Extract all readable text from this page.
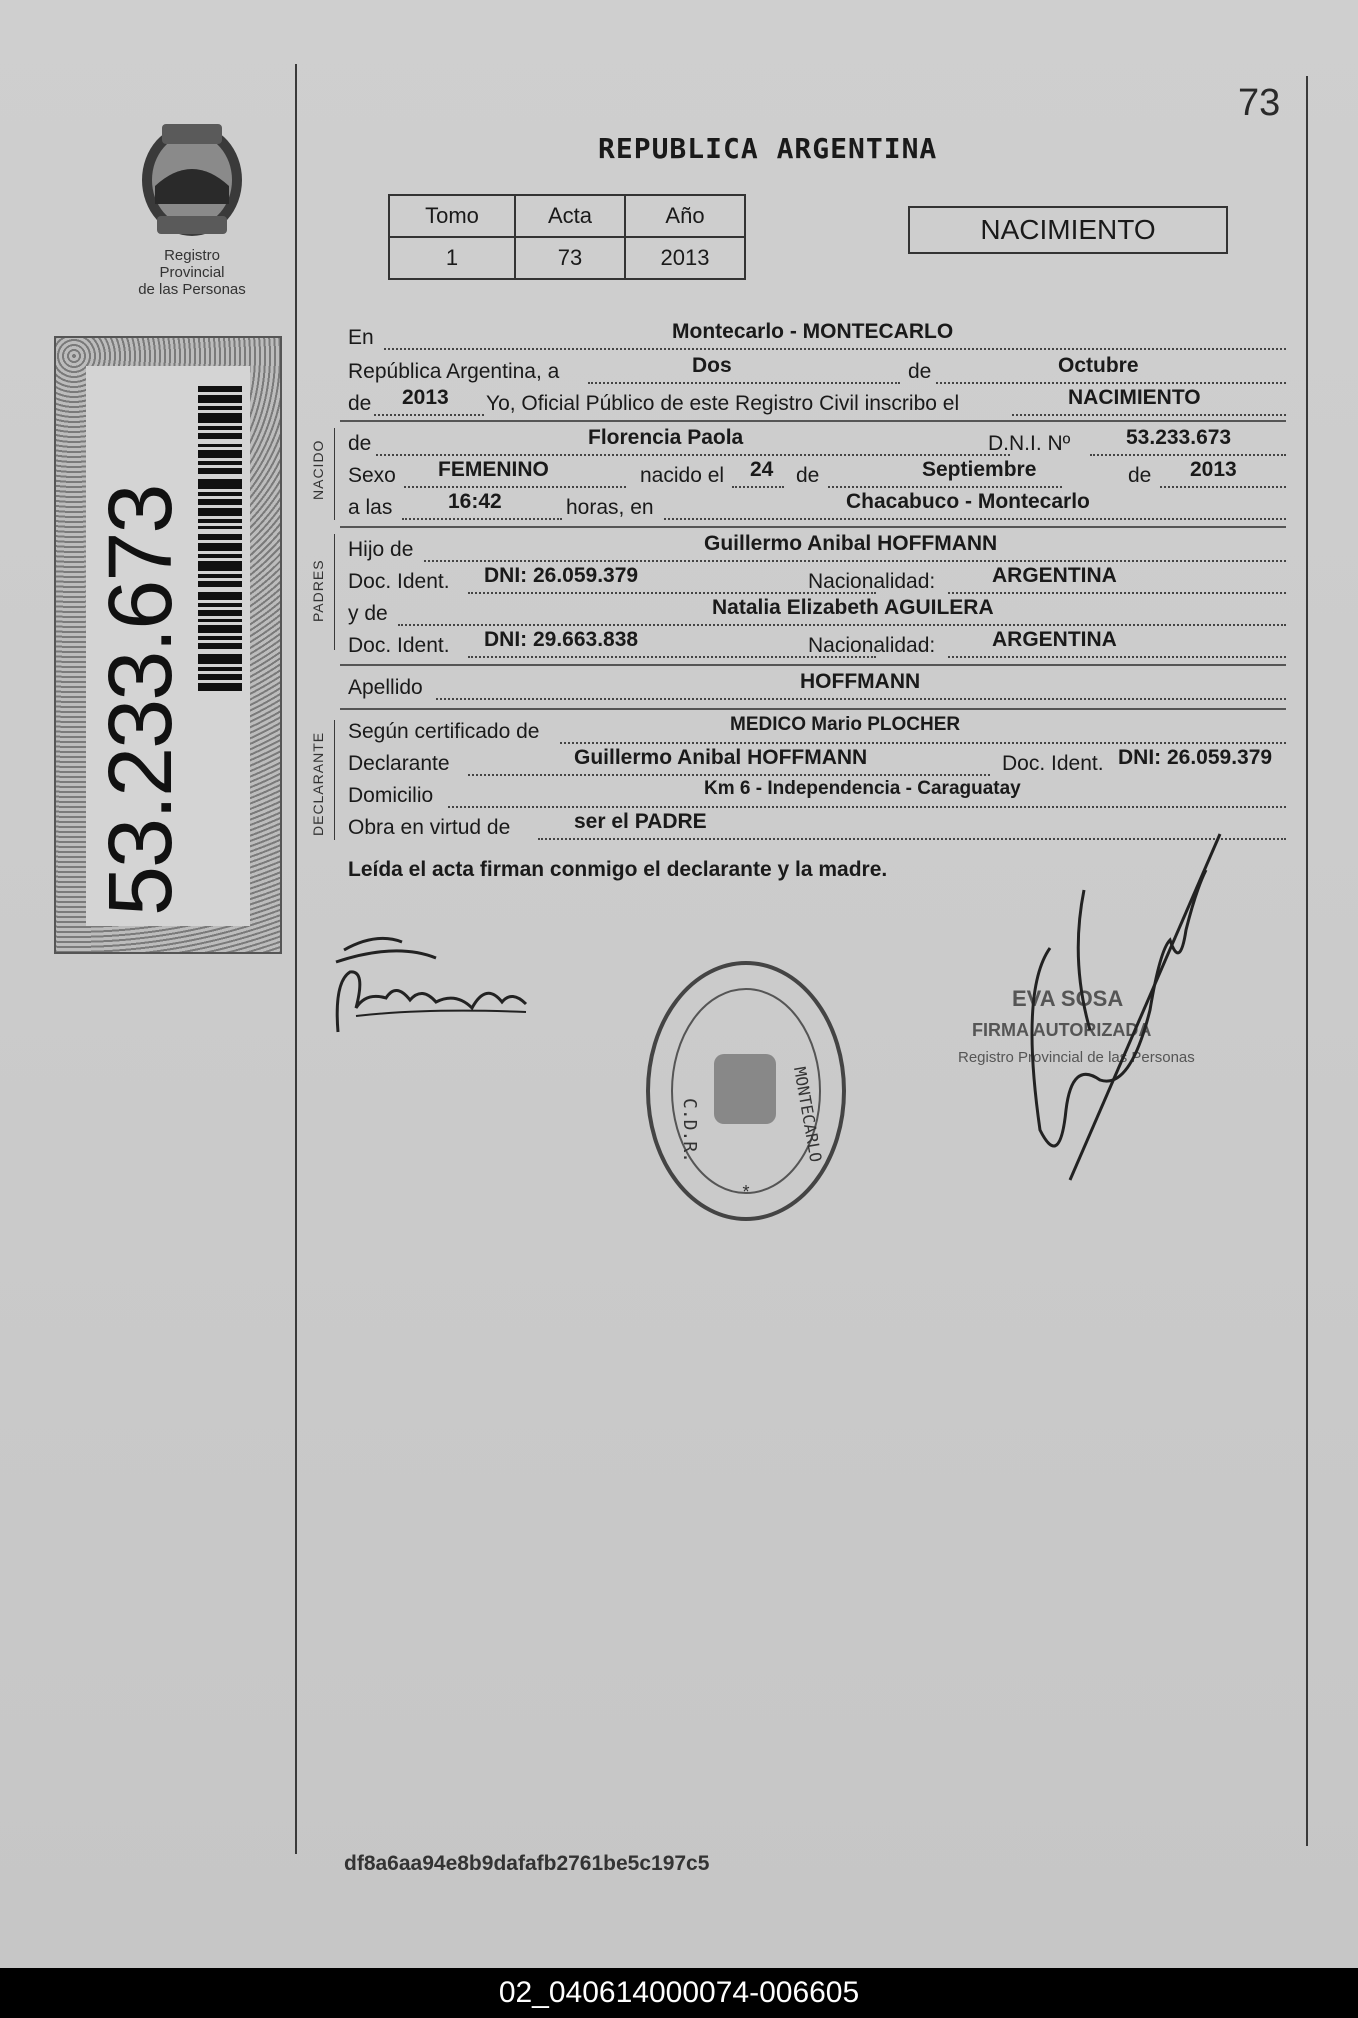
73
REPUBLICA ARGENTINA
Registro Provincial
de las Personas
Tomo	Acta	Año
1	73	2013
NACIMIENTO
53.233.673
NACIDO
PADRES
DECLARANTE
En	Montecarlo - MONTECARLO
República Argentina, a	Dos	de	Octubre
de 2013 Yo, Oficial Público de este Registro Civil inscribo el	NACIMIENTO
de	Florencia Paola	D.N.I. Nº	53.233.673
Sexo FEMENINO	nacido el 24 de	Septiembre	de 2013
a las	16:42	horas, en	Chacabuco - Montecarlo
Hijo de	Guillermo Anibal HOFFMANN
Doc. Ident. DNI: 26.059.379	Nacionalidad:	ARGENTINA
y de	Natalia Elizabeth AGUILERA
Doc. Ident. DNI: 29.663.838	Nacionalidad:	ARGENTINA
Apellido	HOFFMANN
Según certificado de	MEDICO Mario PLOCHER
Declarante	Guillermo Anibal HOFFMANN	Doc. Ident. DNI: 26.059.379
Domicilio	Km 6 - Independencia - Caraguatay
Obra en virtud de	ser el PADRE
Leída el acta firman conmigo el declarante y la madre.
C.D.R.	MONTECARLO
*
EVA SOSA
FIRMA AUTORIZADA
Registro Provincial de las Personas
df8a6aa94e8b9dafafb2761be5c197c5
02_040614000074-006605
